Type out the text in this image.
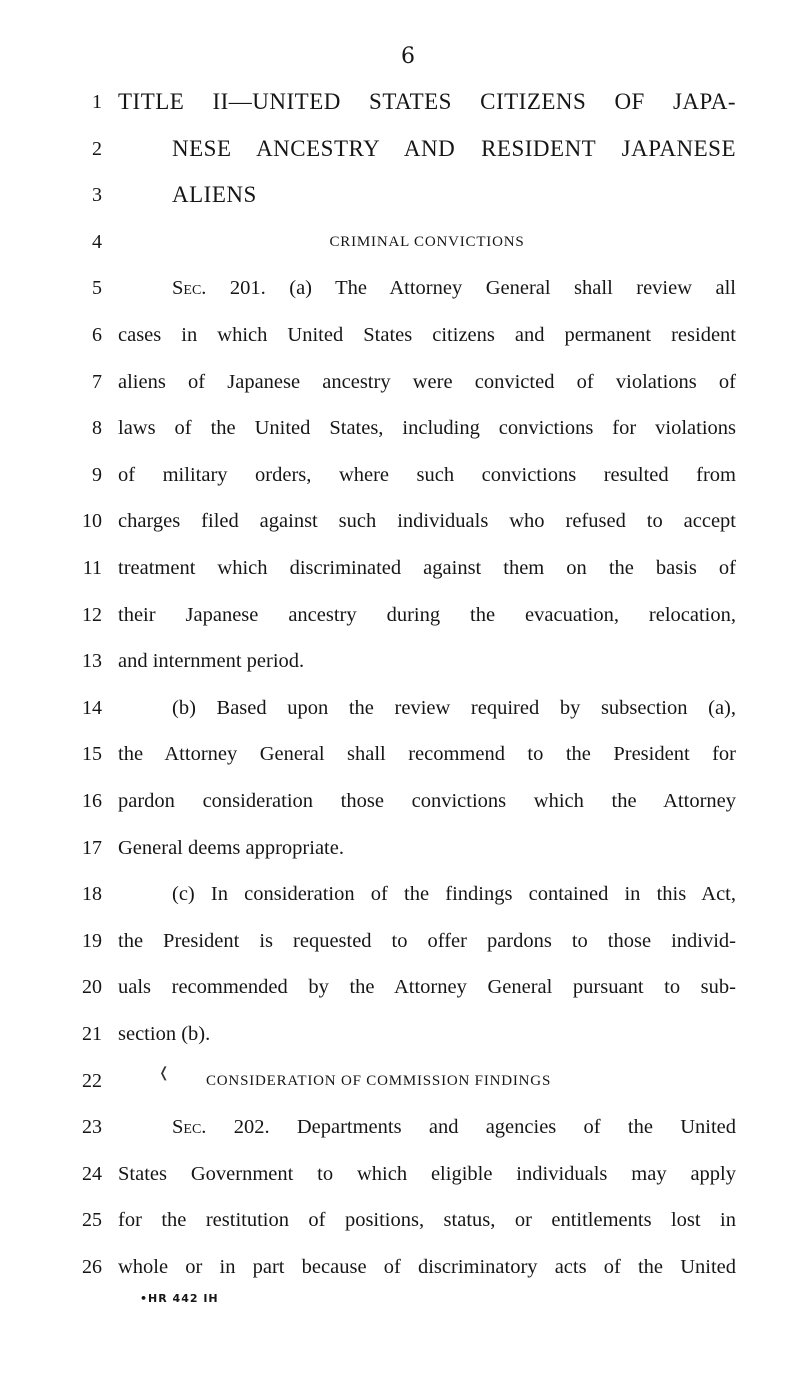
6
1 TITLE II—UNITED STATES CITIZENS OF JAPA-
2	NESE ANCESTRY AND RESIDENT JAPANESE
3	ALIENS
4	CRIMINAL CONVICTIONS
5	Sec. 201. (a) The Attorney General shall review all
6 cases in which United States citizens and permanent resident
7 aliens of Japanese ancestry were convicted of violations of
8 laws of the United States, including convictions for violations
9 of military orders, where such convictions resulted from
10 charges filed against such individuals who refused to accept
11 treatment which discriminated against them on the basis of
12 their Japanese ancestry during the evacuation, relocation,
13 and internment period.
14	(b) Based upon the review required by subsection (a),
15 the Attorney General shall recommend to the President for
16 pardon consideration those convictions which the Attorney
17 General deems appropriate.
18	(c) In consideration of the findings contained in this Act,
19 the President is requested to offer pardons to those individ-
20 uals recommended by the Attorney General pursuant to sub-
21 section (b).
22	CONSIDERATION OF COMMISSION FINDINGS
23	Sec. 202. Departments and agencies of the United
24 States Government to which eligible individuals may apply
25 for the restitution of positions, status, or entitlements lost in
26 whole or in part because of discriminatory acts of the United
•HR 442 IH
❬
